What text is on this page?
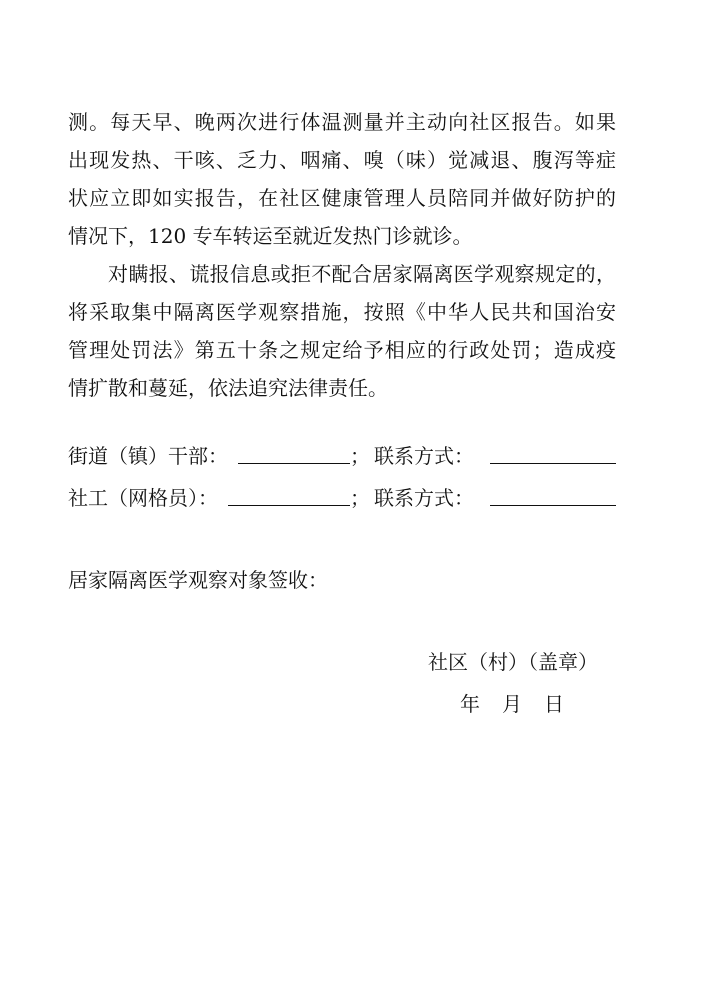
测。每天早、晚两次进行体温测量并主动向社区报告。如果
出现发热、干咳、乏力、咽痛、嗅（味）觉减退、腹泻等症
状应立即如实报告，在社区健康管理人员陪同并做好防护的
情况下，120 专车转运至就近发热门诊就诊。
对瞒报、谎报信息或拒不配合居家隔离医学观察规定的，
将采取集中隔离医学观察措施，按照《中华人民共和国治安
管理处罚法》第五十条之规定给予相应的行政处罚；造成疫
情扩散和蔓延，依法追究法律责任。
街道（镇）干部：	； 联系方式：
社工（网格员）：	； 联系方式：
居家隔离医学观察对象签收：
社区（村）（盖章）
年 月 日
